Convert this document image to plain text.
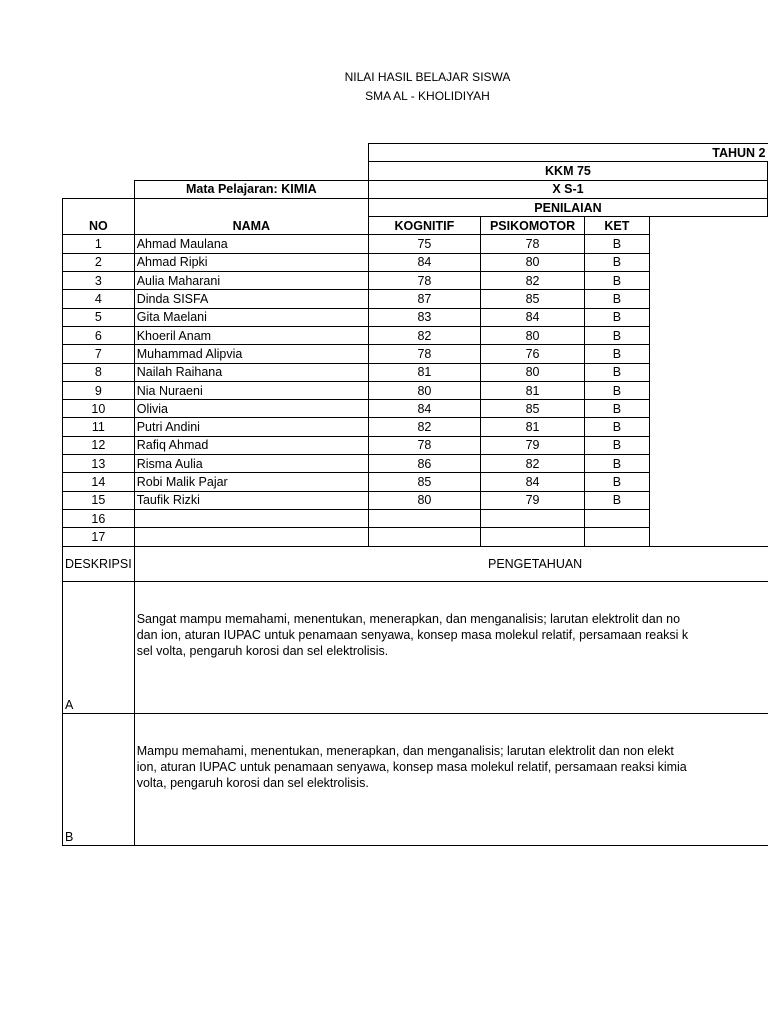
NILAI HASIL BELAJAR SISWA
SMA AL - KHOLIDIYAH
		TAHUN 2			
		KKM 75			
	Mata Pelajaran: KIMIA	X S-1			
NO	NAMA	PENILAIAN			
		KOGNITIF	PSIKOMOTOR	KET	
1	Ahmad Maulana	75	78	B	
2	Ahmad Ripki	84	80	B	
3	Aulia Maharani	78	82	B	
4	Dinda SISFA	87	85	B	
5	Gita Maelani	83	84	B	
6	Khoeril Anam	82	80	B	
7	Muhammad Alipvia	78	76	B	
8	Nailah Raihana	81	80	B	
9	Nia Nuraeni	80	81	B	
10	Olivia	84	85	B	
11	Putri Andini	82	81	B	
12	Rafiq Ahmad	78	79	B	
13	Risma Aulia	86	82	B	
14	Robi Malik Pajar	85	84	B	
15	Taufik Rizki	80	79	B	
16					
17					
DESKRIPSI	PENGETAHUAN				
A	Sangat mampu memahami, menentukan, menerapkan, dan menganalisis; larutan elektrolit dan no
dan ion, aturan IUPAC untuk penamaan senyawa, konsep masa molekul relatif, persamaan reaksi k
sel volta, pengaruh korosi dan sel elektrolisis.				

B	Mampu memahami, menentukan, menerapkan, dan menganalisis; larutan elektrolit dan non elekt
ion, aturan IUPAC untuk penamaan senyawa, konsep masa molekul relatif, persamaan reaksi kimia
volta, pengaruh korosi dan sel elektrolisis.				
